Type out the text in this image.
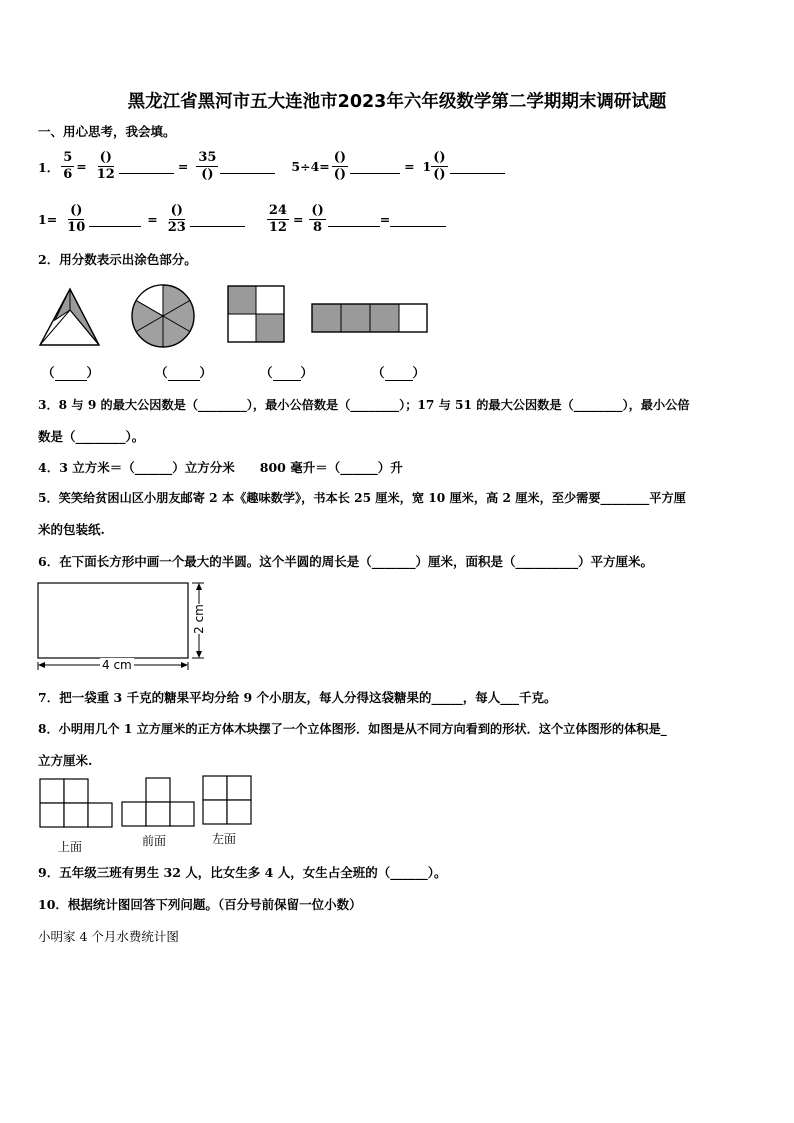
黑龙江省黑河市五大连池市2023年六年级数学第二学期期末调研试题
一、用心思考，我会填。
1． $\frac{5}{6} = \frac{()}{12}$	= $\frac{35}{()}$	$5\div 4= \frac{()}{()}$	= $1 \frac{()}{()}$
$1= \frac{()}{10}$	= $\frac{()}{23}$	$\frac{24}{12} = \frac{()}{8}$	=
2．用分数表示出涂色部分。
（	）	（	）	（ ）	（ ）
3．8 与 9 的最大公因数是（________），最小公倍数是（________）；17 与 51 的最大公因数是（________），最小公倍
数是（________）。
4．3 立方米＝（______）立方分米　　800 毫升＝（______）升
5．笑笑给贫困山区小朋友邮寄 2 本《趣味数学》，书本长 25 厘米，宽 10 厘米，高 2 厘米，至少需要________平方厘
米的包装纸.
6．在下面长方形中画一个最大的半圆。这个半圆的周长是（_______）厘米，面积是（__________）平方厘米。
4 cm
2 cm
7．把一袋重 3 千克的糖果平均分给 9 个小朋友，每人分得这袋糖果的_____，每人___千克。
8．小明用几个 1 立方厘米的正方体木块摆了一个立体图形．如图是从不同方向看到的形状．这个立体图形的体积是_
立方厘米.
上面	前面	左面
9．五年级三班有男生 32 人，比女生多 4 人，女生占全班的（______）。
10．根据统计图回答下列问题。（百分号前保留一位小数）
小明家 4 个月水费统计图
